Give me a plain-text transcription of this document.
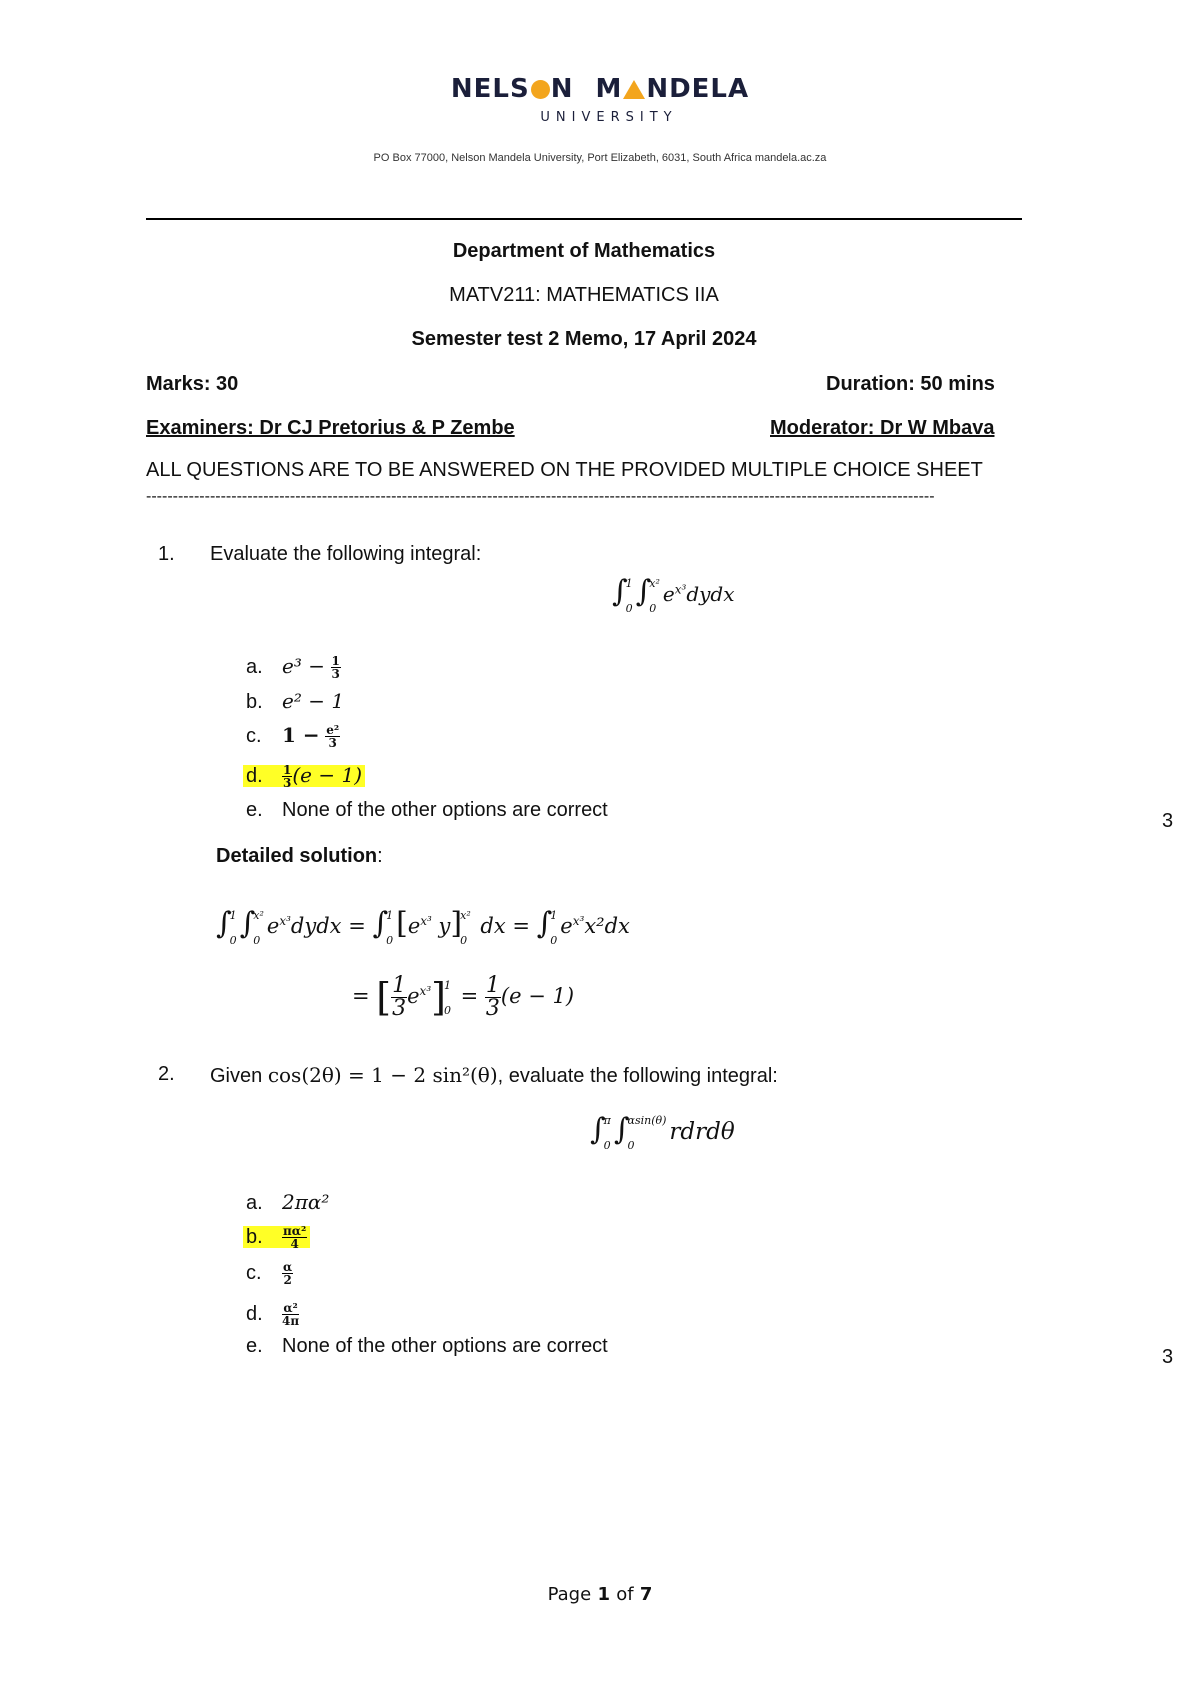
NELS N M NDELA
UNIVERSITY
PO Box 77000, Nelson Mandela University, Port Elizabeth, 6031, South Africa mandela.ac.za
Department of Mathematics
MATV211: MATHEMATICS IIA
Semester test 2 Memo, 17 April 2024
Marks: 30	Duration: 50 mins
Examiners: Dr CJ Pretorius & P Zembe	Moderator: Dr W Mbava
ALL QUESTIONS ARE TO BE ANSWERED ON THE PROVIDED MULTIPLE CHOICE SHEET
----------------------------------------------------------------------------------------------------------------------------------------------------
1. Evaluate the following integral:
∫
1
0 ∫
x²
0
$e^{x^3}dydx$
a. $e^3 - \frac{1}{3}$
b. e² − 1
c. $1 - \frac{\text{e²}}{3}$
d. $\frac{1}{3} (e - 1)$
e. None of the other options are correct	3
Detailed solution:
∫
1
0 ∫
x²
0
$e^{x^3}dydx$ = ∫
1
0 [$e^{x^3}$ y]
x²
0
dx = ∫
1
0
$e^{x^3}x^2dx$
= [ $\frac{1}{3} e^{x^3}$]
1
0
= $\frac{1}{3} (e - 1)$
2. Given cos(2θ) = 1 − 2 sin²(θ), evaluate the following integral:
∫
π
0 ∫
αsin(θ)
0
rdrdθ
a. 2πα²
b. $\frac{\text{πα²}}{4}$
c. $\frac{\alpha}{2}$
d. $\frac{\text{α²}}{4\pi}$
e. None of the other options are correct	3
Page 1 of 7
